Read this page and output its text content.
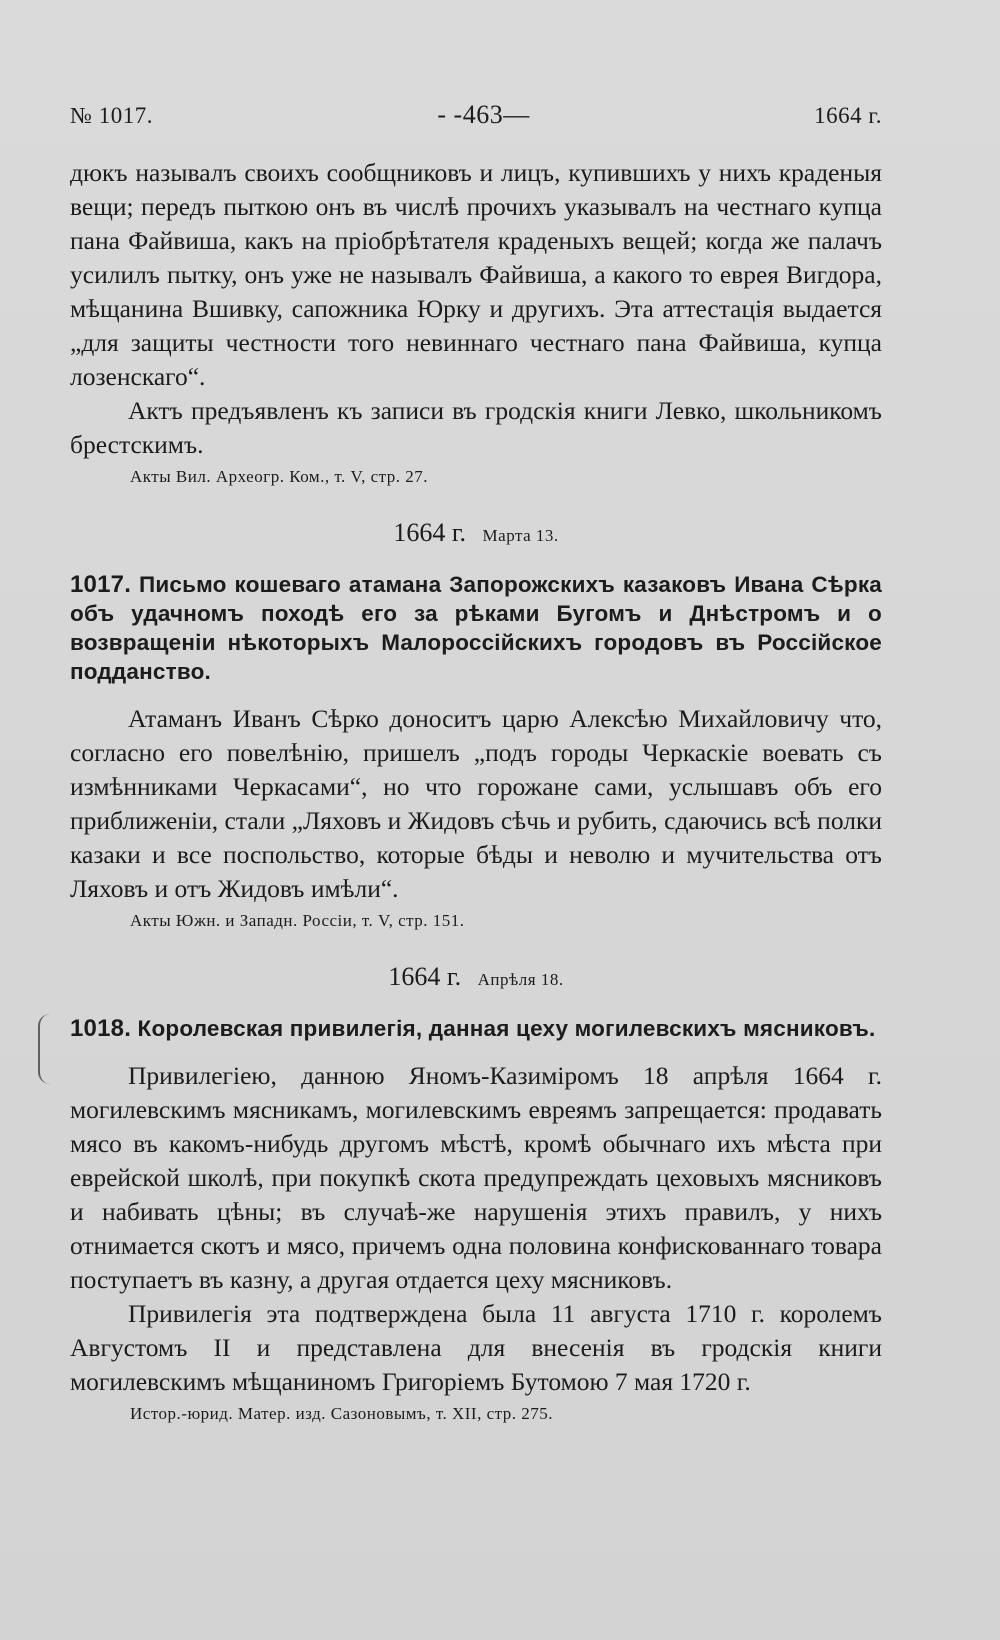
№ 1017.	- -463—	1664 г.

дюкъ называлъ своихъ сообщниковъ и лицъ, купившихъ у нихъ краденыя вещи; передъ пыткою онъ въ числѣ прочихъ указывалъ на честнаго купца пана Файвиша, какъ на пріобрѣтателя краденыхъ вещей; когда же палачъ усилилъ пытку, онъ уже не называлъ Файвиша, а какого то еврея Вигдора, мѣщанина Вшивку, сапожника Юрку и другихъ. Эта аттестація выдается „для защиты честности того невиннаго честнаго пана Файвиша, купца лозенскаго“.

Актъ предъявленъ къ записи въ гродскія книги Левко, школьникомъ брестскимъ.

Акты Вил. Археогр. Ком., т. V, стр. 27.
1664 г. Марта 13.
1017. Письмо кошеваго атамана Запорожскихъ казаковъ Ивана Сѣрка объ удачномъ походѣ его за рѣками Бугомъ и Днѣстромъ и о возвращеніи нѣкоторыхъ Малороссійскихъ городовъ въ Россійское подданство.

Атаманъ Иванъ Сѣрко доноситъ царю Алексѣю Михайловичу что, согласно его повелѣнію, пришелъ „подъ городы Черкаскіе воевать съ измѣнниками Черкасами“, но что горожане сами, услышавъ объ его приближеніи, стали „Ляховъ и Жидовъ сѣчь и рубить, сдаючись всѣ полки казаки и все поспольство, которые бѣды и неволю и мучительства отъ Ляховъ и отъ Жидовъ имѣли“.

Акты Южн. и Западн. Россіи, т. V, стр. 151.
1664 г. Апрѣля 18.
1018. Королевская привилегія, данная цеху могилевскихъ мясниковъ.

Привилегіею, данною Яномъ-Казиміромъ 18 апрѣля 1664 г. могилевскимъ мясникамъ, могилевскимъ евреямъ запрещается: продавать мясо въ какомъ-нибудь другомъ мѣстѣ, кромѣ обычнаго ихъ мѣста при еврейской школѣ, при покупкѣ скота предупреждать цеховыхъ мясниковъ и набивать цѣны; въ случаѣ-же нарушенія этихъ правилъ, у нихъ отнимается скотъ и мясо, причемъ одна половина конфискованнаго товара поступаетъ въ казну, а другая отдается цеху мясниковъ.

Привилегія эта подтверждена была 11 августа 1710 г. королемъ Августомъ II и представлена для внесенія въ гродскія книги могилевскимъ мѣщаниномъ Григоріемъ Бутомою 7 мая 1720 г.

Истор.-юрид. Матер. изд. Сазоновымъ, т. XII, стр. 275.
